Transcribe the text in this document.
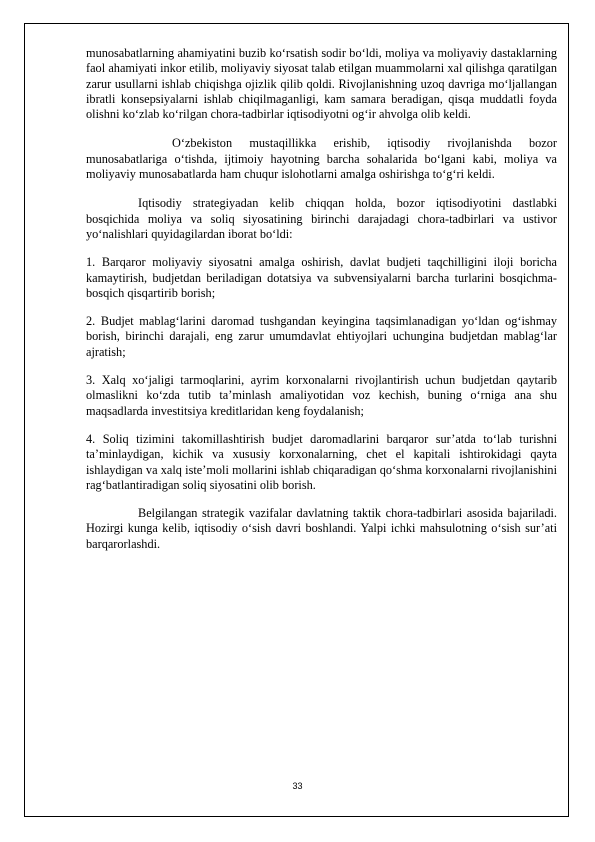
munosabatlarning ahamiyatini buzib ko‘rsatish sodir bo‘ldi, moliya va moliyaviy dastaklarning faol ahamiyati inkor etilib, moliyaviy siyosat talab etilgan muammolarni xal qilishga qaratilgan zarur usullarni ishlab chiqishga ojizlik qilib qoldi. Rivojlanishning uzoq davriga mo‘ljallangan ibratli konsepsiyalarni ishlab chiqilmaganligi, kam samara beradigan, qisqa muddatli foyda olishni ko‘zlab ko‘rilgan chora-tadbirlar iqtisodiyotni og‘ir ahvolga olib keldi.

O‘zbekiston mustaqillikka erishib, iqtisodiy rivojlanishda bozor munosabatlariga o‘tishda, ijtimoiy hayotning barcha sohalarida bo‘lgani kabi, moliya va moliyaviy munosabatlarda ham chuqur islohotlarni amalga oshirishga to‘g‘ri keldi.

Iqtisodiy strategiyadan kelib chiqqan holda, bozor iqtisodiyotini dastlabki bosqichida moliya va soliq siyosatining birinchi darajadagi chora-tadbirlari va ustivor yo‘nalishlari quyidagilardan iborat bo‘ldi:

1. Barqaror moliyaviy siyosatni amalga oshirish, davlat budjeti taqchilligini iloji boricha kamaytirish, budjetdan beriladigan dotatsiya va subvensiyalarni barcha turlarini bosqichma-bosqich qisqartirib borish;

2. Budjet mablag‘larini daromad tushgandan keyingina taqsimlanadigan yo‘ldan og‘ishmay borish, birinchi darajali, eng zarur umumdavlat ehtiyojlari uchungina budjetdan mablag‘lar ajratish;

3. Xalq xo‘jaligi tarmoqlarini, ayrim korxonalarni rivojlantirish uchun budjetdan qaytarib olmaslikni ko‘zda tutib ta’minlash amaliyotidan voz kechish, buning o‘rniga ana shu maqsadlarda investitsiya kreditlaridan keng foydalanish;

4. Soliq tizimini takomillashtirish budjet daromadlarini barqaror sur’atda to‘lab turishni ta’minlaydigan, kichik va xususiy korxonalarning, chet el kapitali ishtirokidagi qayta ishlaydigan va xalq iste’moli mollarini ishlab chiqaradigan qo‘shma korxonalarni rivojlanishini rag‘batlantiradigan soliq siyosatini olib borish.

Belgilangan strategik vazifalar davlatning taktik chora-tadbirlari asosida bajariladi. Hozirgi kunga kelib, iqtisodiy o‘sish davri boshlandi. Yalpi ichki mahsulotning o‘sish sur’ati barqarorlashdi.

33
